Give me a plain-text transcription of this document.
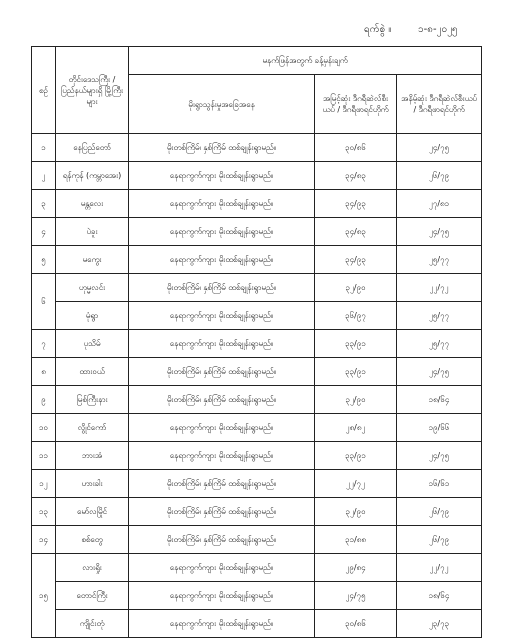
ရက်စွဲ ။	၁-၈-၂၀၂၅
စဉ်	တိုင်းဒေသကြီး / ပြည်နယ်များရှိ မြို့ကြီးများ	မနက်ဖြန်အတွက် ခန့်မှန်းချက်		
		မိုးရွာသွန်းမှုအခြေအနေ	အမြင့်ဆုံး ဒီဂရီဆဲလ်စီးယပ် / ဒီဂရီဖာရင်ဟိုက်	အနိမ့်ဆုံး ဒီဂရီဆဲလ်စီးယပ် / ဒီဂရီဖာရင်ဟိုက်
၁	နေပြည်တော်	မိုးတစ်ကြိမ်၊ နှစ်ကြိမ် ထစ်ချုန်းရွာမည်။	၃၀/၈၆	၂၄/၇၅
၂	ရန်ကုန် (ကမ္ဘာအေး)	နေရာကွက်ကျား မိုးထစ်ချုန်းရွာမည်။	၃၄/၈၃	၂၆/၇၉
၃	မန္တလေး	နေရာကွက်ကျား မိုးထစ်ချုန်းရွာမည်။	၃၄/၉၃	၂၇/၈၁
၄	ပဲခူး	နေရာကွက်ကျား မိုးထစ်ချုန်းရွာမည်။	၃၄/၈၃	၂၄/၇၅
၅	မကွေး	နေရာကွက်ကျား မိုးထစ်ချုန်းရွာမည်။	၃၄/၉၃	၂၅/၇၇
၆	ဟုမ္မလင်း	မိုးတစ်ကြိမ်၊ နှစ်ကြိမ် ထစ်ချုန်းရွာမည်။	၃၂/၉၀	၂၂/၇၂
	မုံရွာ	နေရာကွက်ကျား မိုးထစ်ချုန်းရွာမည်။	၃၆/၉၇	၂၅/၇၇
၇	ပုသိမ်	နေရာကွက်ကျား မိုးထစ်ချုန်းရွာမည်။	၃၃/၉၁	၂၅/၇၇
၈	ထားဝယ်	မိုးတစ်ကြိမ်၊ နှစ်ကြိမ် ထစ်ချုန်းရွာမည်။	၃၃/၉၁	၂၄/၇၅
၉	မြစ်ကြီးနား	မိုးတစ်ကြိမ်၊ နှစ်ကြိမ် ထစ်ချုန်းရွာမည်။	၃၂/၉၀	၁၈/၆၄
၁၀	လွိုင်ကော်	နေရာကွက်ကျား မိုးထစ်ချုန်းရွာမည်။	၂၈/၈၂	၁၉/၆၆
၁၁	ဘားအံ	နေရာကွက်ကျား မိုးထစ်ချုန်းရွာမည်။	၃၃/၉၁	၂၄/၇၅
၁၂	ဟားခါး	မိုးတစ်ကြိမ်၊ နှစ်ကြိမ် ထစ်ချုန်းရွာမည်။	၂၂/၇၂	၁၆/၆၁
၁၃	မော်လမြိုင်	မိုးတစ်ကြိမ်၊ နှစ်ကြိမ် ထစ်ချုန်းရွာမည်။	၃၂/၉၀	၂၆/၇၉
၁၄	စစ်တွေ	မိုးတစ်ကြိမ်၊ နှစ်ကြိမ် ထစ်ချုန်းရွာမည်။	၃၁/၈၈	၂၆/၇၉
၁၅	လားရှိုး	နေရာကွက်ကျား မိုးထစ်ချုန်းရွာမည်။	၂၉/၈၄	၂၂/၇၂
	တောင်ကြီး	နေရာကွက်ကျား မိုးထစ်ချုန်းရွာမည်။	၂၄/၇၅	၁၈/၆၄
	ကျိုင်းတုံ	နေရာကွက်ကျား မိုးထစ်ချုန်းရွာမည်။	၃၀/၈၆	၂၃/၇၃
